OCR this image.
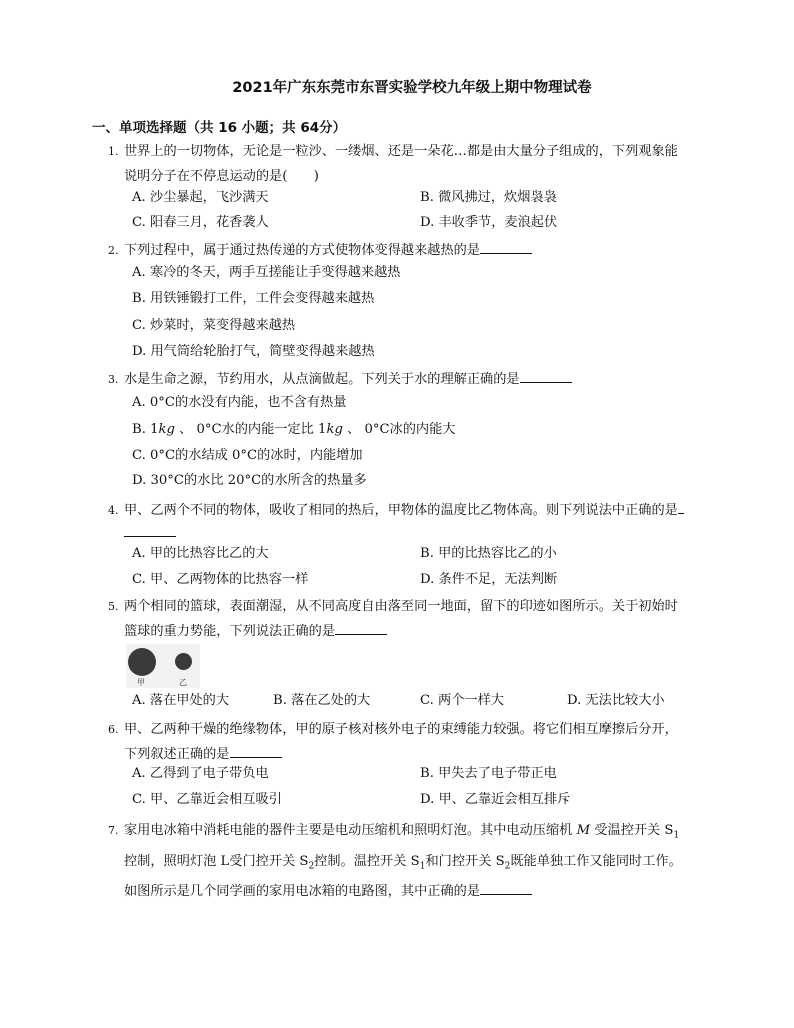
2021年广东东莞市东晋实验学校九年级上期中物理试卷
一、单项选择题（共 16 小题；共 64分）
1. 世界上的一切物体，无论是一粒沙、一缕烟、还是一朵花…都是由大量分子组成的，下列观象能
说明分子在不停息运动的是(　　)
A. 沙尘暴起，飞沙满天	B. 微风拂过，炊烟袅袅
C. 阳春三月，花香袭人	D. 丰收季节，麦浪起伏
2. 下列过程中，属于通过热传递的方式使物体变得越来越热的是
A. 寒冷的冬天，两手互搓能让手变得越来越热
B. 用铁锤锻打工件，工件会变得越来越热
C. 炒菜时，菜变得越来越热
D. 用气筒给轮胎打气，简壁变得越来越热
3. 水是生命之源，节约用水，从点滴做起。下列关于水的理解正确的是
A. 0°C的水没有内能，也不含有热量
B. 1kg 、 0°C水的内能一定比 1kg 、 0°C冰的内能大
C. 0°C的水结成 0°C的冰时，内能增加
D. 30°C的水比 20°C的水所含的热量多
4. 甲、乙两个不同的物体，吸收了相同的热后，甲物体的温度比乙物体高。则下列说法中正确的是
A. 甲的比热容比乙的大	B. 甲的比热容比乙的小
C. 甲、乙两物体的比热容一样	D. 条件不足，无法判断
5. 两个相同的篮球，表面潮湿，从不同高度自由落至同一地面，留下的印迹如图所示。关于初始时
篮球的重力势能，下列说法正确的是
甲	乙
A. 落在甲处的大	B. 落在乙处的大	C. 两个一样大	D. 无法比较大小
6. 甲、乙两种干燥的绝缘物体，甲的原子核对核外电子的束缚能力较强。将它们相互摩擦后分开，
下列叙述正确的是
A. 乙得到了电子带负电	B. 甲失去了电子带正电
C. 甲、乙靠近会相互吸引	D. 甲、乙靠近会相互排斥
7. 家用电冰箱中消耗电能的器件主要是电动压缩机和照明灯泡。其中电动压缩机 M 受温控开关 $S_1$
控制，照明灯泡 L受门控开关 $S_2$控制。温控开关 $S_1$和门控开关 $S_2$既能单独工作又能同时工作。
如图所示是几个同学画的家用电冰箱的电路图，其中正确的是
